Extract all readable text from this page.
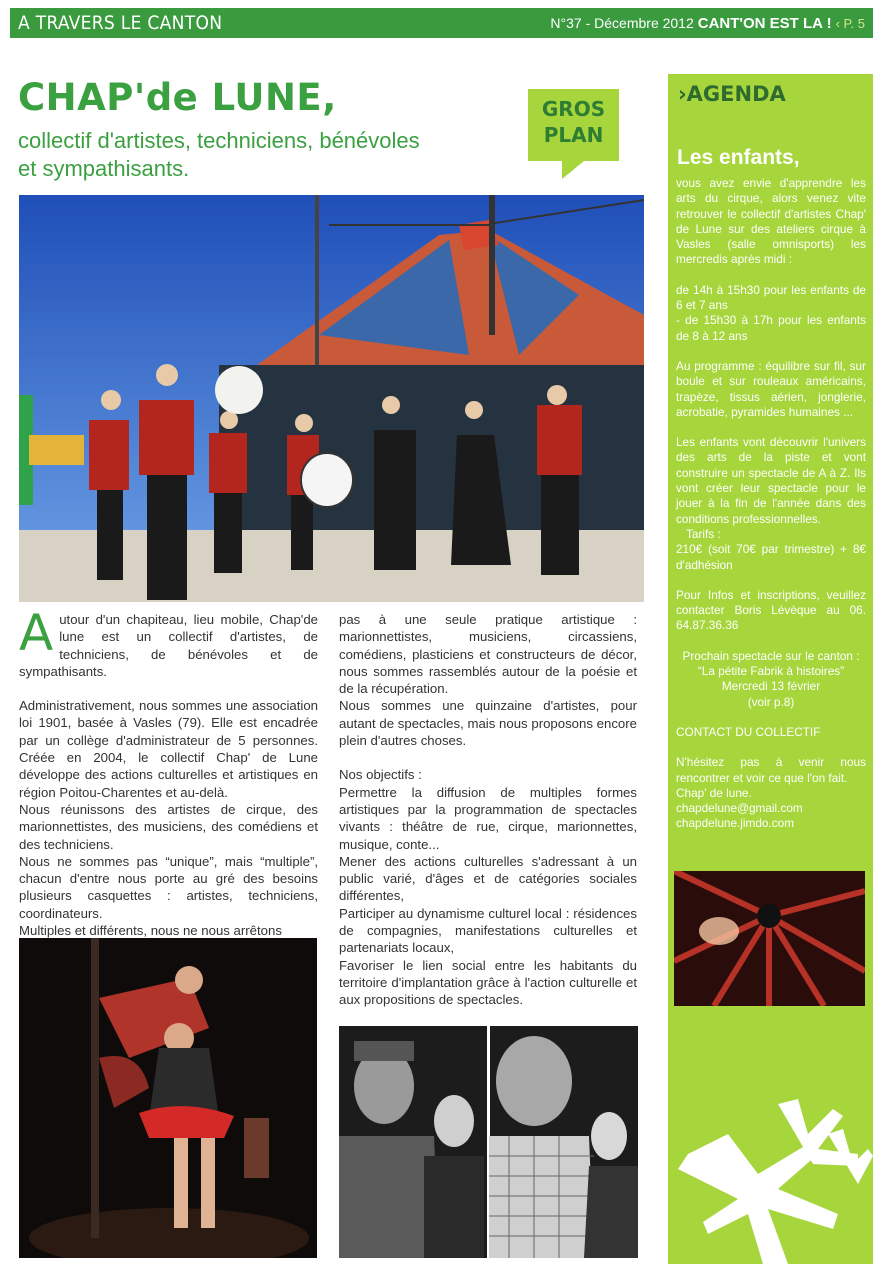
A TRAVERS LE CANTON	N°37 - Décembre 2012 CANT'ON EST LA ! ‹ P. 5
CHAP'de LUNE,
collectif d'artistes, techniciens, bénévoles et sympathisants.
GROS
PLAN

Autour d'un chapiteau, lieu mobile, Chap'de lune est un collectif d'artistes, de techniciens, de bénévoles et de sympathisants.

Administrativement, nous sommes une association loi 1901, basée à Vasles (79). Elle est encadrée par un collège d'administrateur de 5 personnes. Créée en 2004, le collectif Chap' de Lune développe des actions culturelles et artistiques en région Poitou-Charentes et au-delà.

Nous réunissons des artistes de cirque, des marionnettistes, des musiciens, des comédiens et des techniciens.

Nous ne sommes pas “unique”, mais “multiple”, chacun d'entre nous porte au gré des besoins plusieurs casquettes : artistes, techniciens, coordinateurs.

Multiples et différents, nous ne nous arrêtons

pas à une seule pratique artistique : marionnettistes, musiciens, circassiens, comédiens, plasticiens et constructeurs de décor, nous sommes rassemblés autour de la poésie et de la récupération.

Nous sommes une quinzaine d'artistes, pour autant de spectacles, mais nous proposons encore plein d'autres choses.

Nos objectifs :

Permettre la diffusion de multiples formes artistiques par la programmation de spectacles vivants : théâtre de rue, cirque, marionnettes, musique, conte...

Mener des actions culturelles s'adressant à un public varié, d'âges et de catégories sociales différentes,

Participer au dynamisme culturel local : résidences de compagnies, manifestations culturelles et partenariats locaux,

Favoriser le lien social entre les habitants du territoire d'implantation grâce à l'action culturelle et aux propositions de spectacles.

›AGENDA
Les enfants,

vous avez envie d'apprendre les arts du cirque, alors venez vite retrouver le collectif d'artistes Chap' de Lune sur des ateliers cirque à Vasles (salle omnisports) les mercredis après midi :

de 14h à 15h30 pour les enfants de 6 et 7 ans

- de 15h30 à 17h pour les enfants de 8 à 12 ans

Au programme : équilibre sur fil, sur boule et sur rouleaux américains, trapèze, tissus aérien, jonglerie, acrobatie, pyramides humaines ...

Les enfants vont découvrir l'univers des arts de la piste et vont construire un spectacle de A à Z. Ils vont créer leur spectacle pour le jouer à la fin de l'année dans des conditions professionnelles.

Tarifs :

210€ (soit 70€ par trimestre) + 8€ d'adhésion

Pour Infos et inscriptions, veuillez contacter Boris Lévèque au 06. 64.87.36.36

Prochain spectacle sur le canton :

“La pétite Fabrik à histoires”

Mercredi 13 février

(voir p.8)

CONTACT DU COLLECTIF

N'hésitez pas à venir nous rencontrer et voir ce que l'on fait.

Chap' de lune.

chapdelune@gmail.com

chapdelune.jimdo.com
